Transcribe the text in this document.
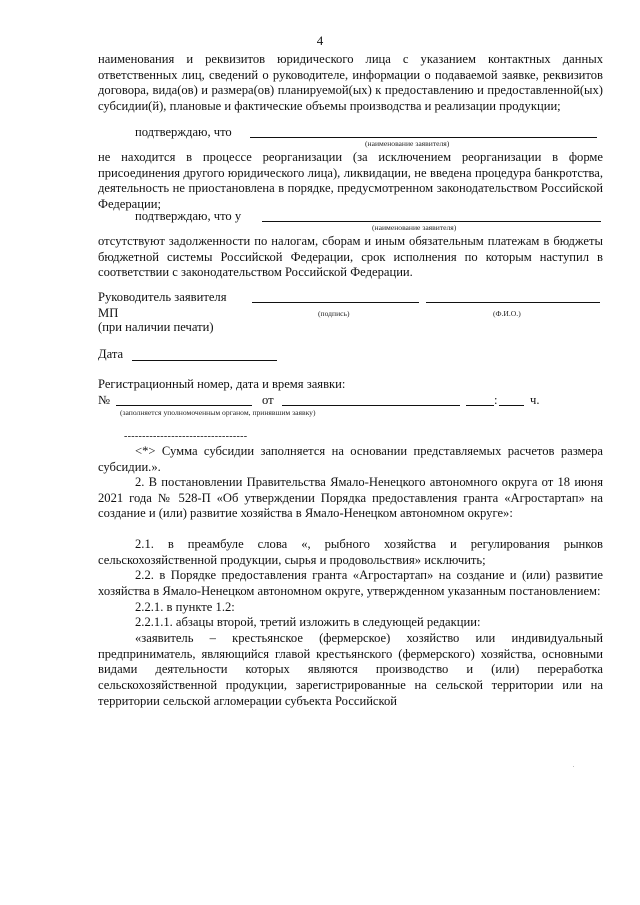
4
наименования и реквизитов юридического лица с указанием контактных данных ответственных лиц, сведений о руководителе, информации о подаваемой заявке, реквизитов договора, вида(ов) и размера(ов) планируемой(ых) к предоставлению и предоставленной(ых) субсидии(й), плановые и фактические объемы производства и реализации продукции;
подтверждаю, что
(наименование заявителя)
не находится в процессе реорганизации (за исключением реорганизации в форме присоединения другого юридического лица), ликвидации, не введена процедура банкротства, деятельность не приостановлена в порядке, предусмотренном законодательством Российской Федерации;
подтверждаю, что у
(наименование заявителя)
отсутствуют задолженности по налогам, сборам и иным обязательным платежам в бюджеты бюджетной системы Российской Федерации, срок исполнения по которым наступил в соответствии с законодательством Российской Федерации.
Руководитель заявителя
МП	(подпись)	(Ф.И.О.)
(при наличии печати)
Дата
Регистрационный номер, дата и время заявки:
№	от	:	ч.
(заполняется уполномоченным органом, принявшим заявку)
----------------------------------
<*> Сумма субсидии заполняется на основании представляемых расчетов размера субсидии.».
2. В постановлении Правительства Ямало-Ненецкого автономного округа от 18 июня 2021 года № 528-П «Об утверждении Порядка предоставления гранта «Агростартап» на создание и (или) развитие хозяйства в Ямало-Ненецком автономном округе»:
2.1. в преамбуле слова «, рыбного хозяйства и регулирования рынков сельскохозяйственной продукции, сырья и продовольствия» исключить;
2.2. в Порядке предоставления гранта «Агростартап» на создание и (или) развитие хозяйства в Ямало-Ненецком автономном округе, утвержденном указанным постановлением:
2.2.1. в пункте 1.2:
2.2.1.1. абзацы второй, третий изложить в следующей редакции:
«заявитель – крестьянское (фермерское) хозяйство или индивидуальный предприниматель, являющийся главой крестьянского (фермерского) хозяйства, основными видами деятельности которых являются производство и (или) переработка сельскохозяйственной продукции, зарегистрированные на сельской территории или на территории сельской агломерации субъекта Российской
